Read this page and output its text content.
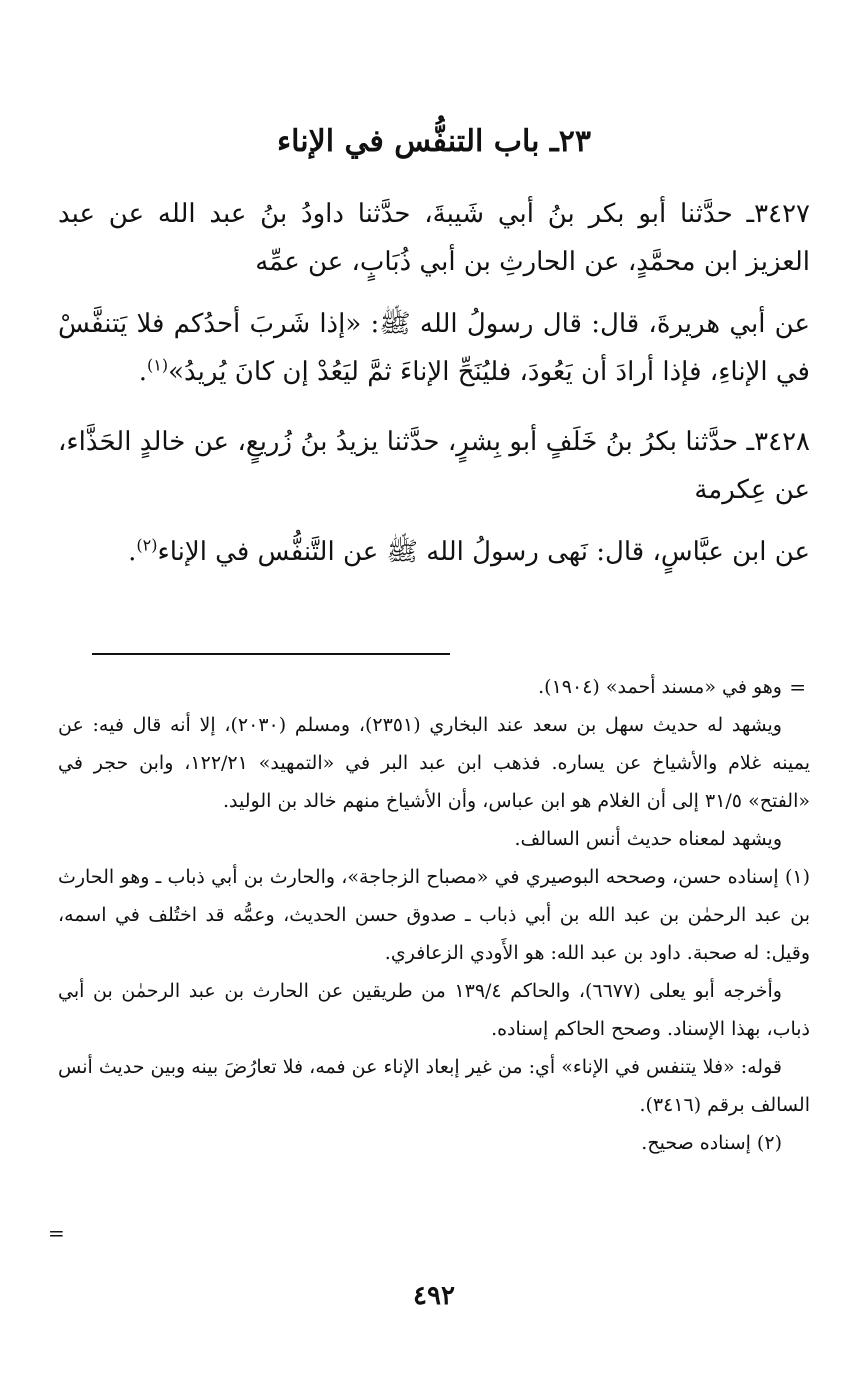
٢٣ـ باب التنفُّس في الإناء

٣٤٢٧ـ حدَّثنا أبو بكر بنُ أبي شَيبةَ، حدَّثنا داودُ بنُ عبد الله عن عبد العزيز ابن محمَّدٍ، عن الحارثِ بن أبي ذُبَابٍ، عن عمِّه

عن أبي هريرةَ، قال: قال رسولُ الله ﷺ: «إذا شَربَ أحدُكم فلا يَتنفَّسْ في الإناءِ، فإذا أرادَ أن يَعُودَ، فليُنَحِّ الإناءَ ثمَّ ليَعُدْ إن كانَ يُريدُ»$^{(١)}$.

٣٤٢٨ـ حدَّثنا بكرُ بنُ خَلَفٍ أبو بِشرٍ، حدَّثنا يزيدُ بنُ زُريعٍ، عن خالدٍ الحَذَّاء، عن عِكرمة

عن ابن عبَّاسٍ، قال: نَهى رسولُ الله ﷺ عن التَّنفُّس في الإناء$^{(٢)}$.

=

وهو في «مسند أحمد» (١٩٠٤).

ويشهد له حديث سهل بن سعد عند البخاري (٢٣٥١)، ومسلم (٢٠٣٠)، إلا أنه قال فيه: عن يمينه غلام والأشياخ عن يساره. فذهب ابن عبد البر في «التمهيد» ١٢٢/٢١، وابن حجر في «الفتح» ٣١/٥ إلى أن الغلام هو ابن عباس، وأن الأشياخ منهم خالد بن الوليد.

ويشهد لمعناه حديث أنس السالف.

(١) إسناده حسن، وصححه البوصيري في «مصباح الزجاجة»، والحارث بن أبي ذباب ـ وهو الحارث بن عبد الرحمٰن بن عبد الله بن أبي ذباب ـ صدوق حسن الحديث، وعمُّه قد اختُلف في اسمه، وقيل: له صحبة. داود بن عبد الله: هو الأَودي الزعافري.

وأخرجه أبو يعلى (٦٦٧٧)، والحاكم ١٣٩/٤ من طريقين عن الحارث بن عبد الرحمٰن بن أبي ذباب، بهذا الإسناد. وصحح الحاكم إسناده.

قوله: «فلا يتنفس في الإناء» أي: من غير إبعاد الإناء عن فمه، فلا تعارُضَ بينه وبين حديث أنس السالف برقم (٣٤١٦).

(٢) إسناده صحيح.

=
٤٩٢
